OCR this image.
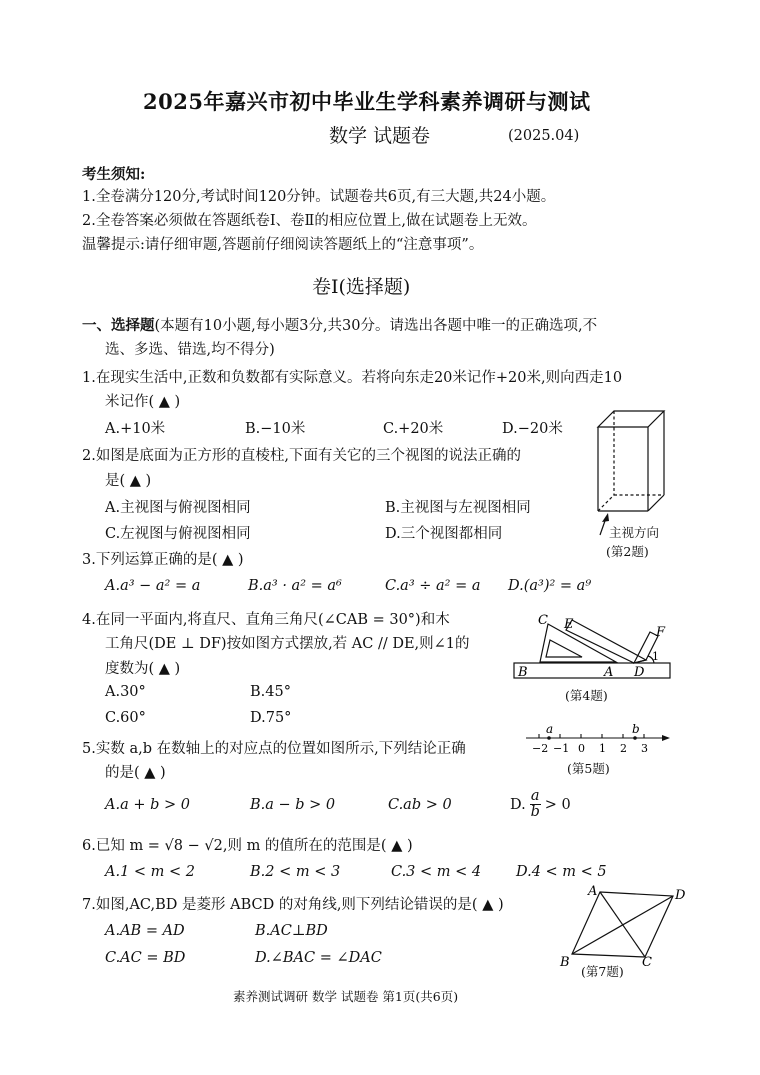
2025年嘉兴市初中毕业生学科素养调研与测试
数学 试题卷	(2025.04)
考生须知:
1.全卷满分120分,考试时间120分钟。试题卷共6页,有三大题,共24小题。
2.全卷答案必须做在答题纸卷Ⅰ、卷Ⅱ的相应位置上,做在试题卷上无效。
温馨提示:请仔细审题,答题前仔细阅读答题纸上的“注意事项”。
卷Ⅰ(选择题)
一、选择题(本题有10小题,每小题3分,共30分。请选出各题中唯一的正确选项,不
选、多选、错选,均不得分)
1.在现实生活中,正数和负数都有实际意义。若将向东走20米记作+20米,则向西走10
米记作( ▲ )
A.+10米	B.−10米	C.+20米	D.−20米
2.如图是底面为正方形的直棱柱,下面有关它的三个视图的说法正确的
是( ▲ )
A.主视图与俯视图相同	B.主视图与左视图相同
C.左视图与俯视图相同	D.三个视图都相同	主视方向
(第2题)
3.下列运算正确的是( ▲ )
A.a³ − a² = a	B.a³ · a² = a⁶	C.a³ ÷ a² = a D.(a³)² = a⁹
4.在同一平面内,将直尺、直角三角尺(∠CAB = 30°)和木
工角尺(DE ⊥ DF)按如图方式摆放,若 AC // DE,则∠1的
度数为( ▲ )
A.30°	B.45°
C.60°	D.75°
C E
F
1
B	A D
(第4题)
5.实数 a,b 在数轴上的对应点的位置如图所示,下列结论正确
的是( ▲ )
A.a + b > 0	B.a − b > 0	C.ab > 0	D.
a
b > 0
a	b
−2 −1 0 1 2 3
(第5题)
6.已知 m = √8 − √2,则 m 的值所在的范围是( ▲ )
A.1 < m < 2	B.2 < m < 3	C.3 < m < 4 D.4 < m < 5
7.如图,AC,BD 是菱形 ABCD 的对角线,则下列结论错误的是( ▲ )
A.AB = AD	B.AC⊥BD
C.AC = BD	D.∠BAC = ∠DAC
A	D
B	C
(第7题)
素养测试调研 数学 试题卷 第1页(共6页)
